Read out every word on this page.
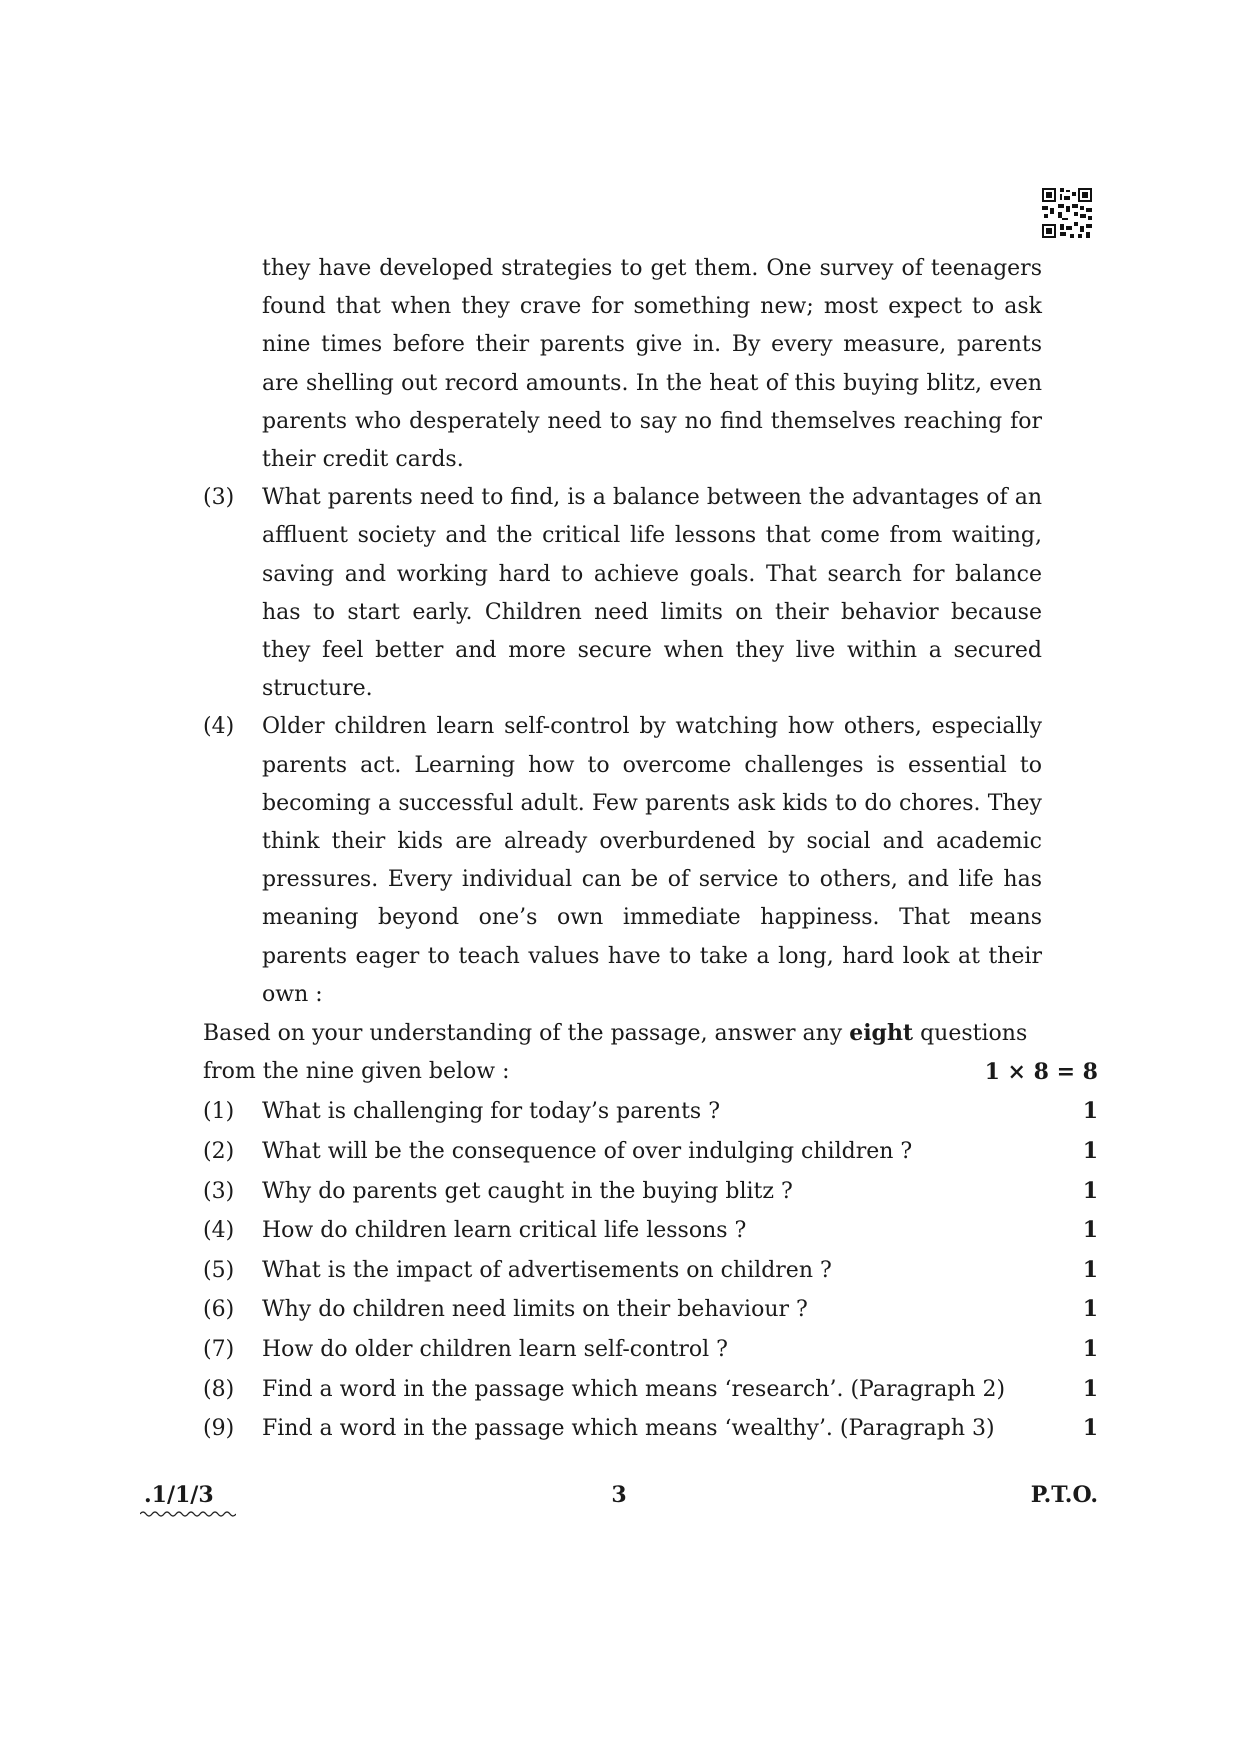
they have developed strategies to get them. One survey of teenagers found that when they crave for something new; most expect to ask nine times before their parents give in. By every measure, parents are shelling out record amounts. In the heat of this buying blitz, even parents who desperately need to say no find themselves reaching for their credit cards.
(3) What parents need to find, is a balance between the advantages of an affluent society and the critical life lessons that come from waiting, saving and working hard to achieve goals. That search for balance has to start early. Children need limits on their behavior because they feel better and more secure when they live within a secured structure.
(4) Older children learn self-control by watching how others, especially parents act. Learning how to overcome challenges is essential to becoming a successful adult. Few parents ask kids to do chores. They think their kids are already overburdened by social and academic pressures. Every individual can be of service to others, and life has meaning beyond one’s own immediate happiness. That means parents eager to teach values have to take a long, hard look at their own :
Based on your understanding of the passage, answer any eight questions
from the nine given below :	1 × 8 = 8
(1)	What is challenging for today’s parents ?	1
(2)	What will be the consequence of over indulging children ?	1
(3)	Why do parents get caught in the buying blitz ?	1
(4)	How do children learn critical life lessons ?	1
(5)	What is the impact of advertisements on children ?	1
(6)	Why do children need limits on their behaviour ?	1
(7)	How do older children learn self-control ?	1
(8)	Find a word in the passage which means ‘research’. (Paragraph 2)	1
(9)	Find a word in the passage which means ‘wealthy’. (Paragraph 3)	1
.1/1/3	3	P.T.O.
